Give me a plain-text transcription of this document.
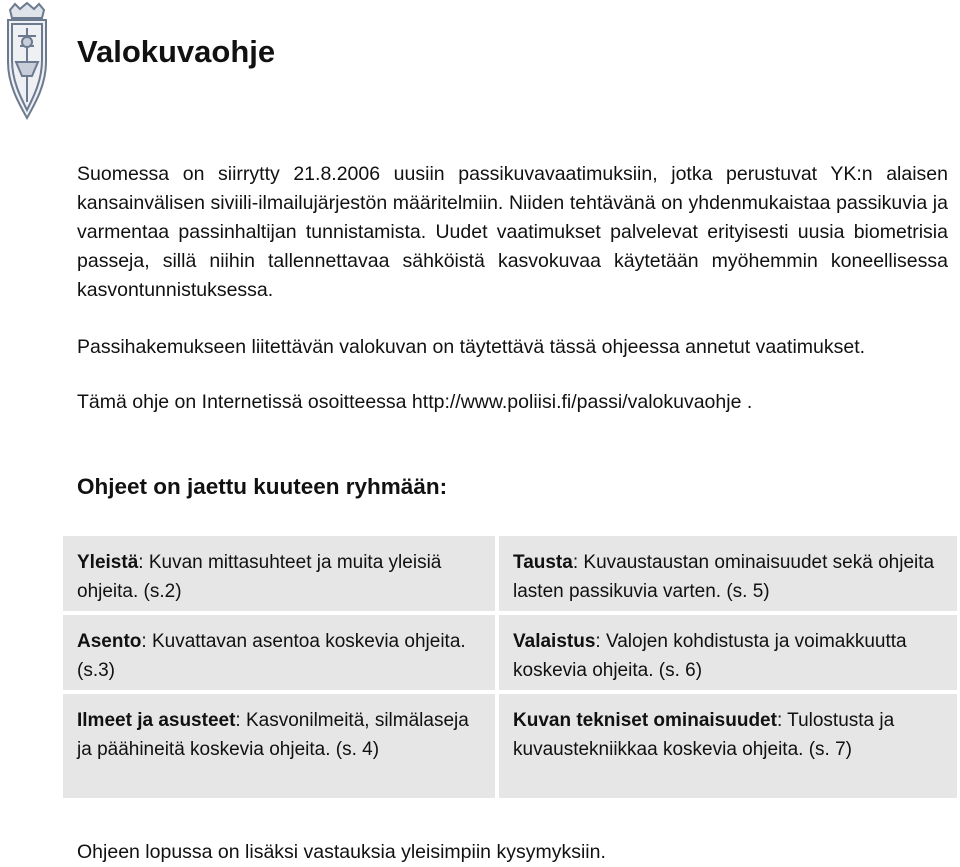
Valokuvaohje

Suomessa on siirrytty 21.8.2006 uusiin passikuvavaatimuksiin, jotka perustuvat YK:n alaisen kansainvälisen siviili-ilmailujärjestön määritelmiin. Niiden tehtävänä on yhdenmukaistaa passikuvia ja varmentaa passinhaltijan tunnistamista. Uudet vaatimukset palvelevat erityisesti uusia biometrisia passeja, sillä niihin tallennettavaa sähköistä kasvokuvaa käytetään myöhemmin koneellisessa kasvontunnistuksessa.

Passihakemukseen liitettävän valokuvan on täytettävä tässä ohjeessa annetut vaatimukset.

Tämä ohje on Internetissä osoitteessa http://www.poliisi.fi/passi/valokuvaohje .

Ohjeet on jaettu kuuteen ryhmään:
Yleistä: Kuvan mittasuhteet ja muita yleisiä ohjeita. (s.2)
Tausta: Kuvaustaustan ominaisuudet sekä ohjeita lasten passikuvia varten. (s. 5)
Asento: Kuvattavan asentoa koskevia ohjeita. (s.3)
Valaistus: Valojen kohdistusta ja voimakkuutta koskevia ohjeita. (s. 6)
Ilmeet ja asusteet: Kasvonilmeitä, silmälaseja ja päähineitä koskevia ohjeita. (s. 4)
Kuvan tekniset ominaisuudet: Tulostusta ja kuvaustekniikkaa koskevia ohjeita. (s. 7)

Ohjeen lopussa on lisäksi vastauksia yleisimpiin kysymyksiin.
